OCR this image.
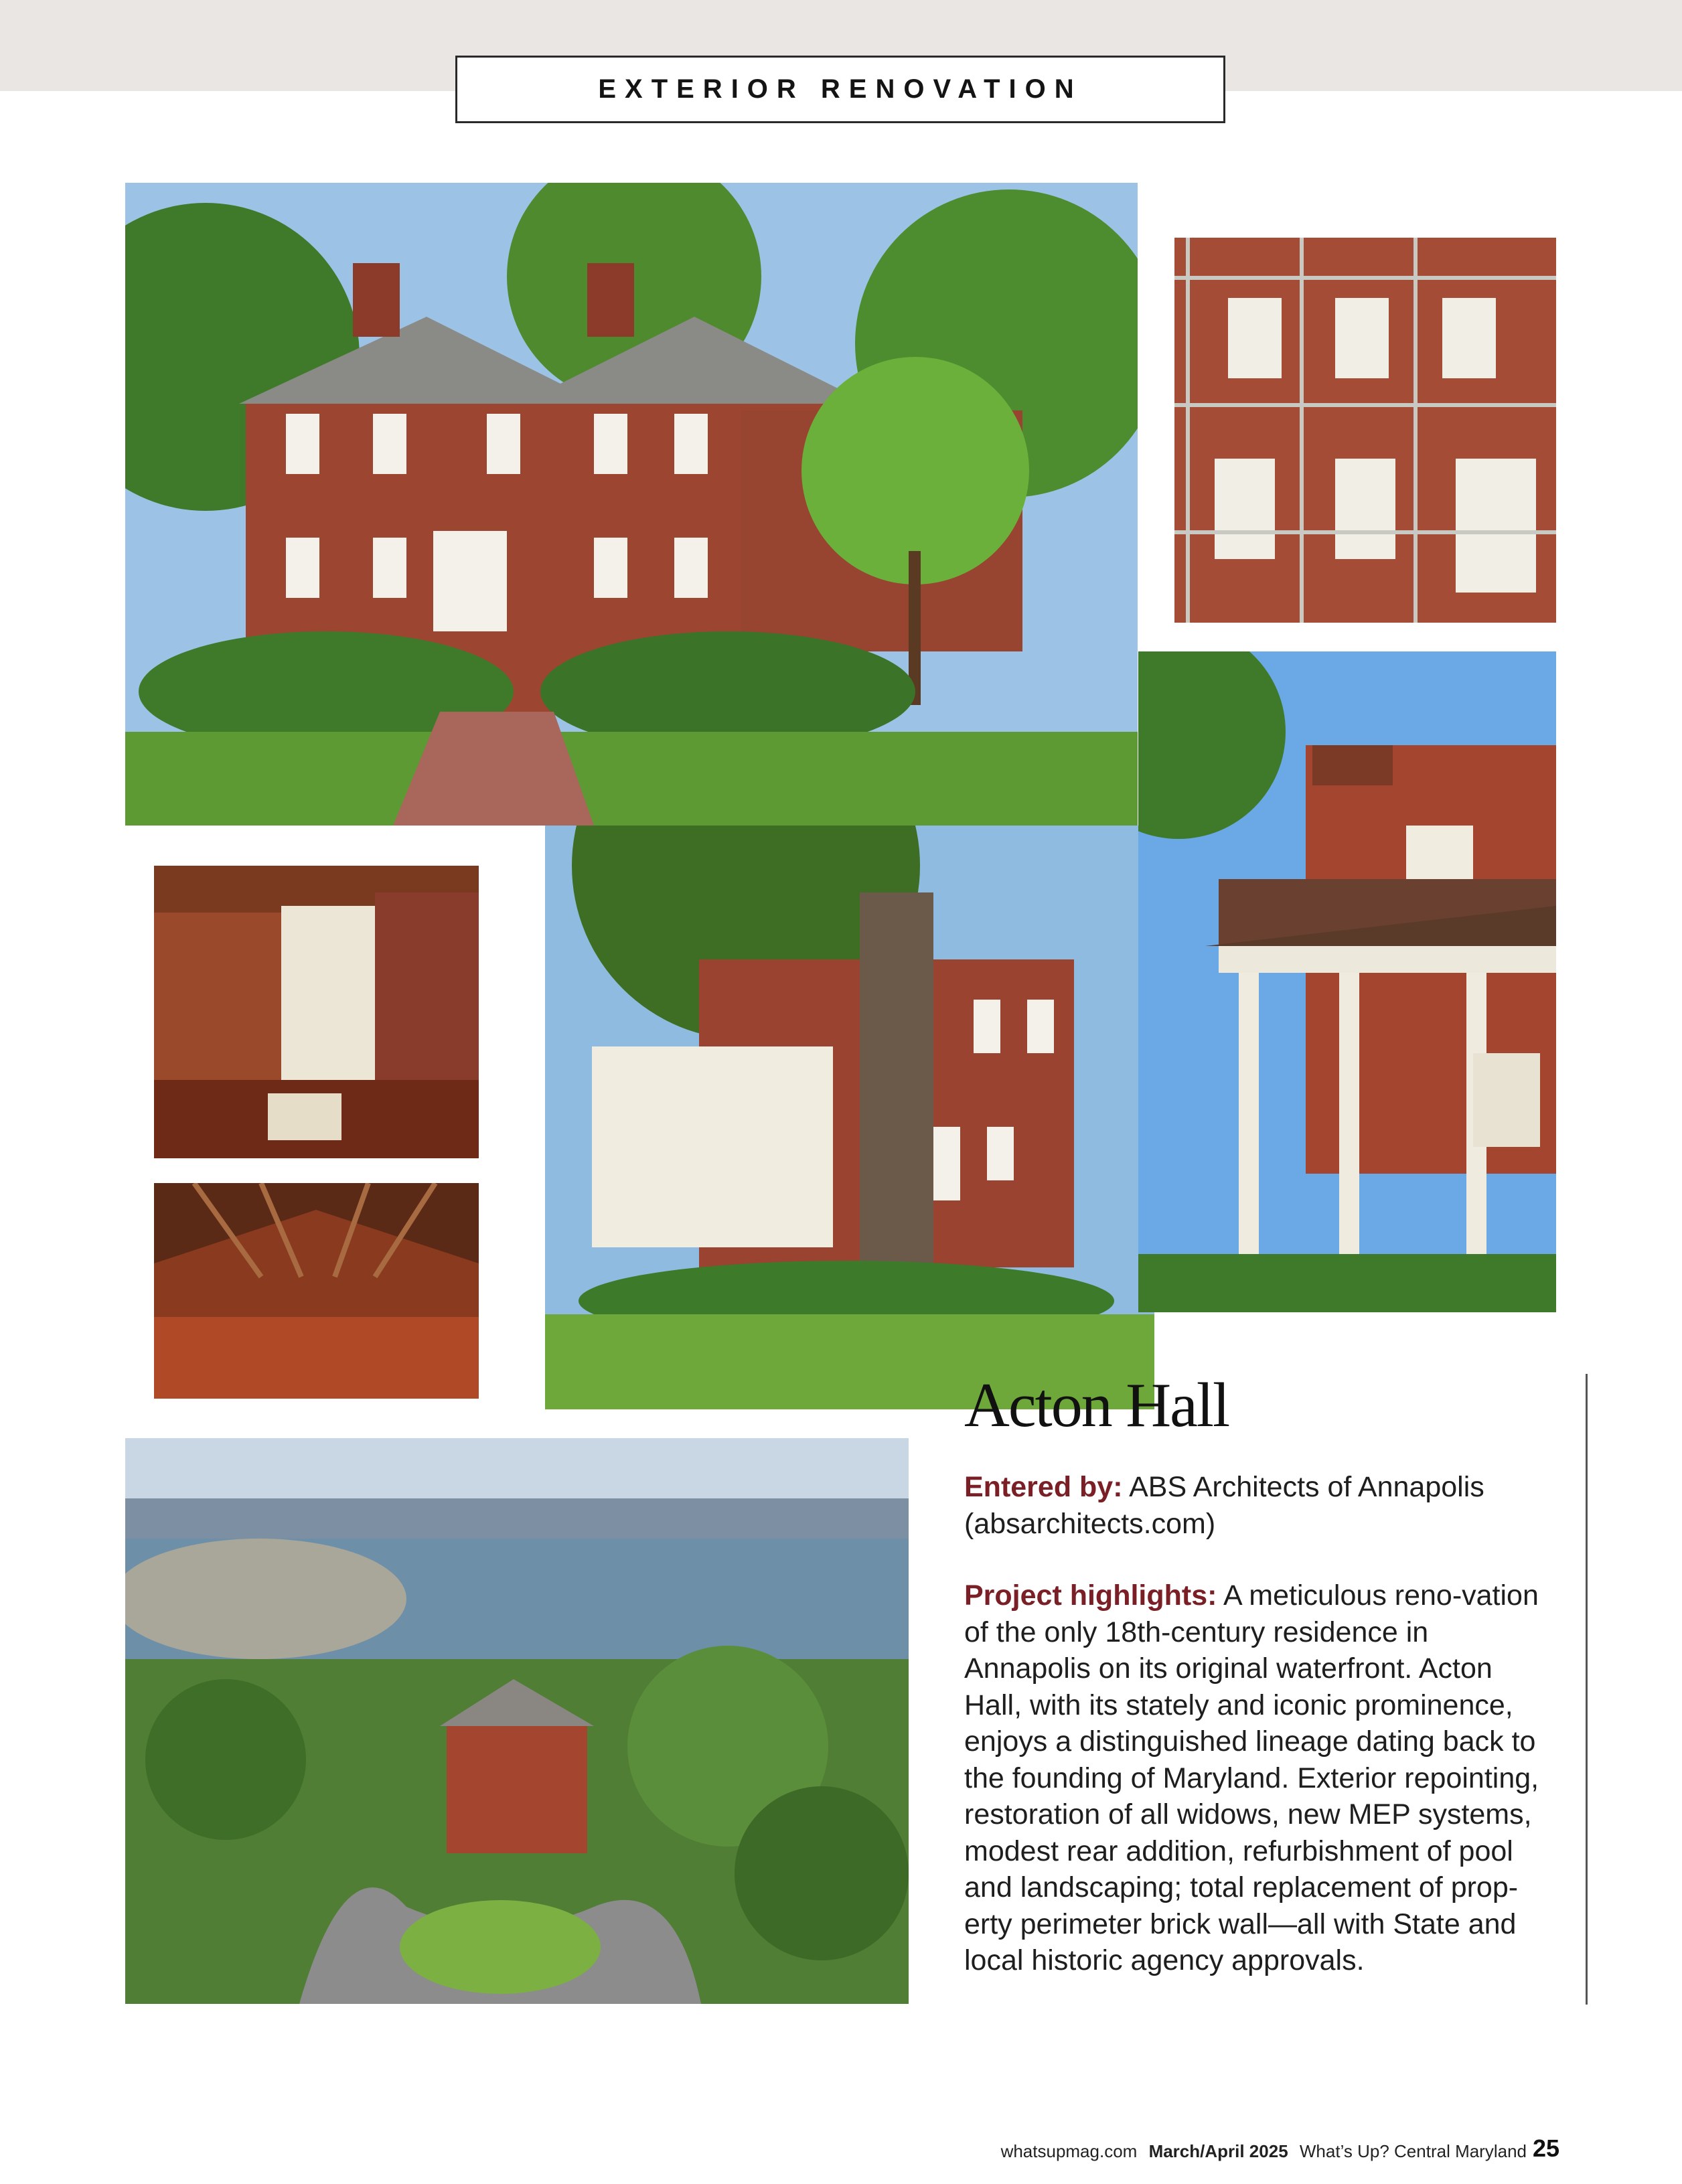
EXTERIOR RENOVATION
Acton Hall
Entered by: ABS Architects of Annapolis (absarchitects.com)
Project highlights: A meticulous reno-vation of the only 18th-century residence in Annapolis on its original waterfront. Acton Hall, with its stately and iconic prominence, enjoys a distinguished lineage dating back to the founding of Maryland. Exterior repointing, restoration of all widows, new MEP systems, modest rear addition, refurbishment of pool and landscaping; total replacement of prop-erty perimeter brick wall—all with State and local historic agency approvals.
whatsupmag.com March/April 2025 What’s Up? Central Maryland 25
